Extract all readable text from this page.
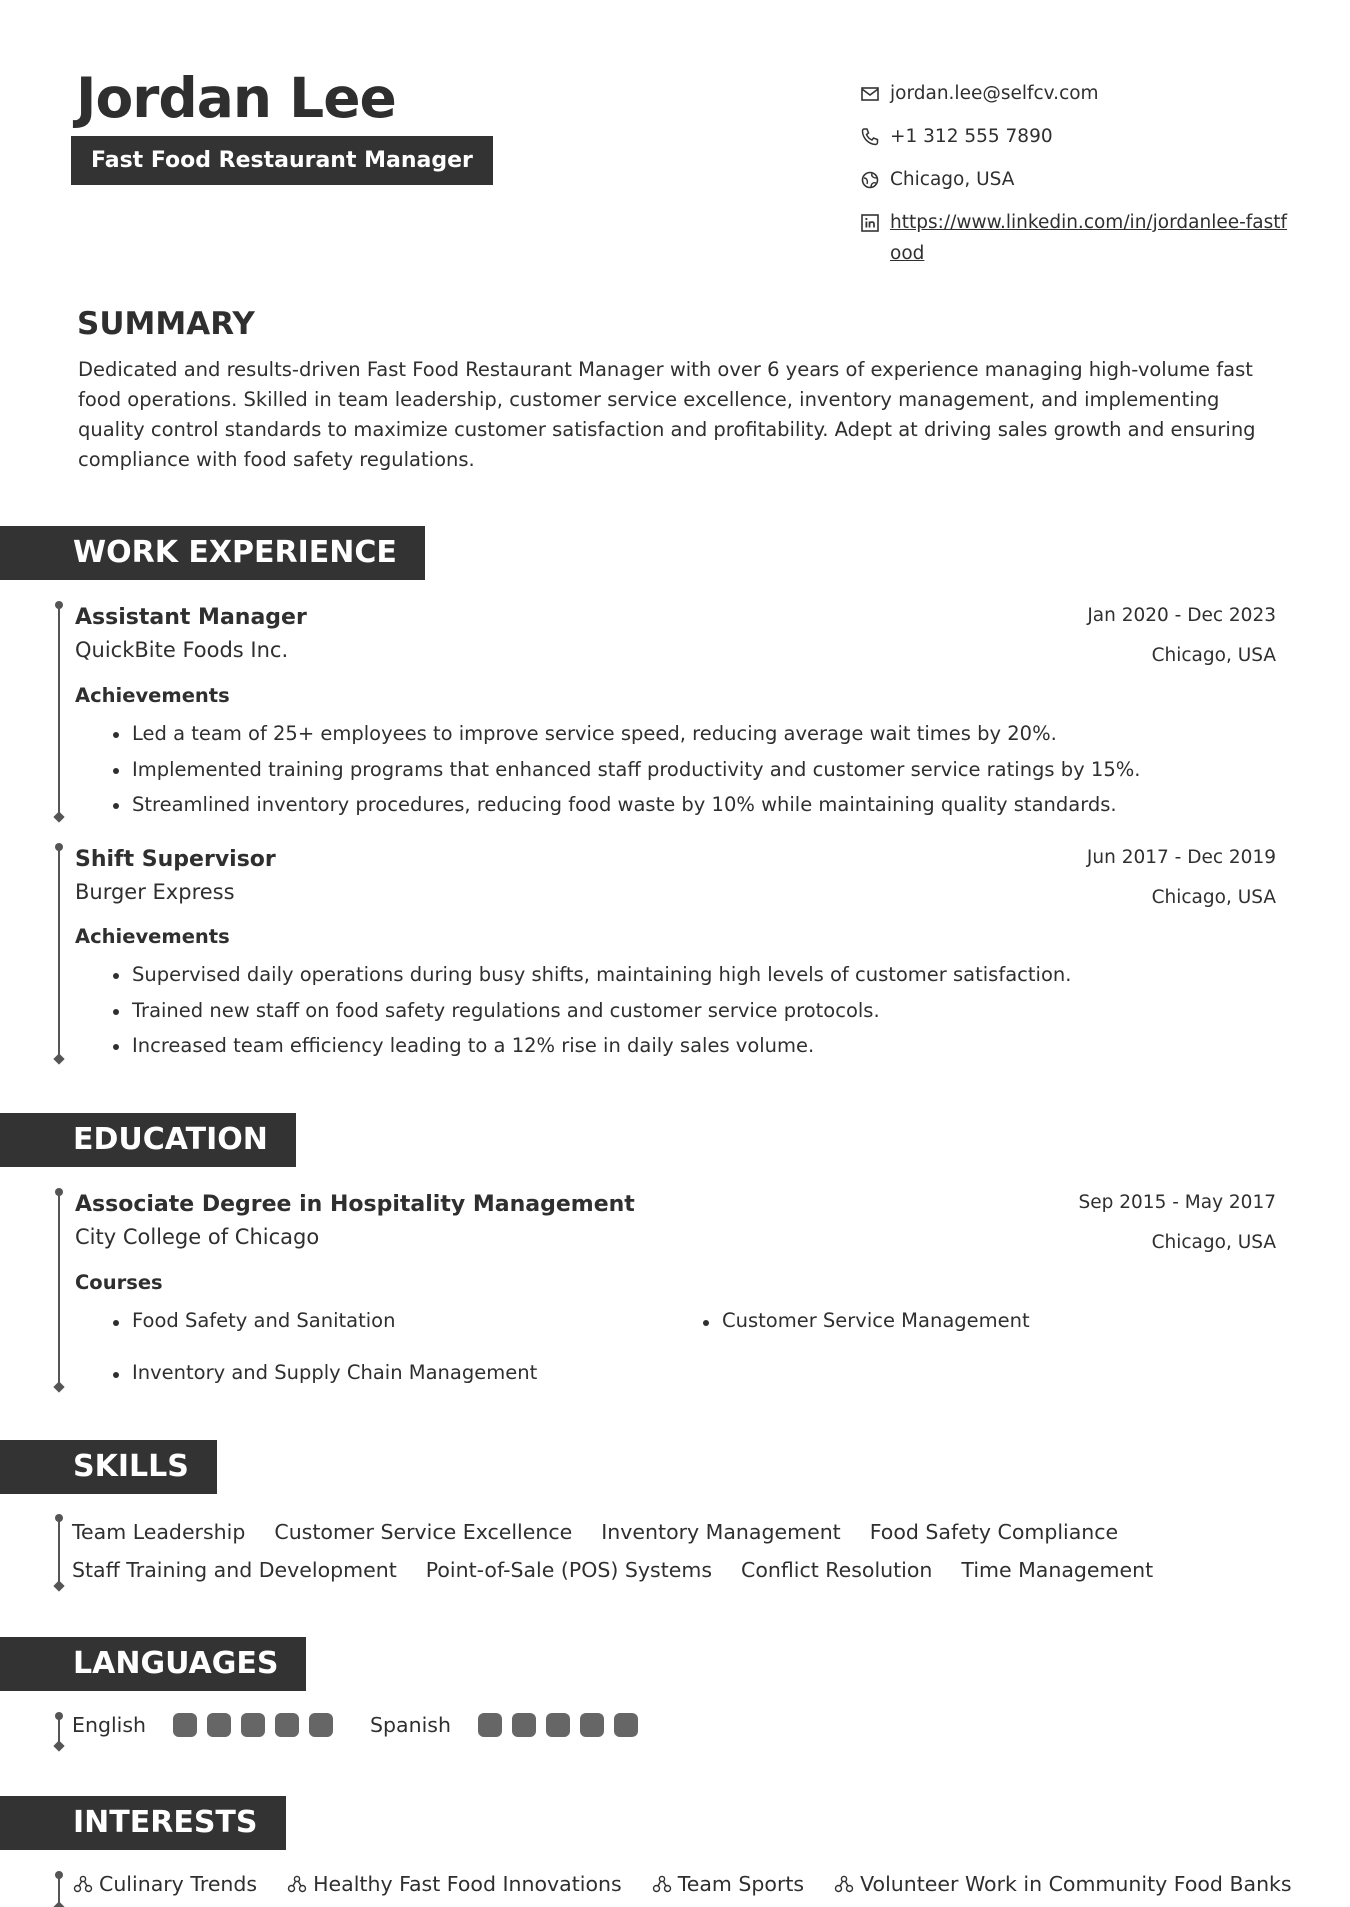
Jordan Lee
Fast Food Restaurant Manager
jordan.lee@selfcv.com
+1 312 555 7890
Chicago, USA
https://www.linkedin.com/in/jordanlee-fastfood
SUMMARY
Dedicated and results-driven Fast Food Restaurant Manager with over 6 years of experience managing high-volume fast food operations. Skilled in team leadership, customer service excellence, inventory management, and implementing quality control standards to maximize customer satisfaction and profitability. Adept at driving sales growth and ensuring compliance with food safety regulations.
WORK EXPERIENCE
Assistant Manager
QuickBite Foods Inc.
Jan 2020 - Dec 2023
Chicago, USA
Achievements
Led a team of 25+ employees to improve service speed, reducing average wait times by 20%.
Implemented training programs that enhanced staff productivity and customer service ratings by 15%.
Streamlined inventory procedures, reducing food waste by 10% while maintaining quality standards.
Shift Supervisor
Burger Express
Jun 2017 - Dec 2019
Chicago, USA
Achievements
Supervised daily operations during busy shifts, maintaining high levels of customer satisfaction.
Trained new staff on food safety regulations and customer service protocols.
Increased team efficiency leading to a 12% rise in daily sales volume.
EDUCATION
Associate Degree in Hospitality Management
City College of Chicago
Sep 2015 - May 2017
Chicago, USA
Courses
Food Safety and Sanitation	Customer Service Management
Inventory and Supply Chain Management
SKILLS
Team Leadership Customer Service Excellence Inventory Management Food Safety Compliance
Staff Training and Development Point-of-Sale (POS) Systems Conflict Resolution Time Management
LANGUAGES
English	Spanish
INTERESTS
Culinary Trends	Healthy Fast Food Innovations	Team Sports	Volunteer Work in Community Food Banks
